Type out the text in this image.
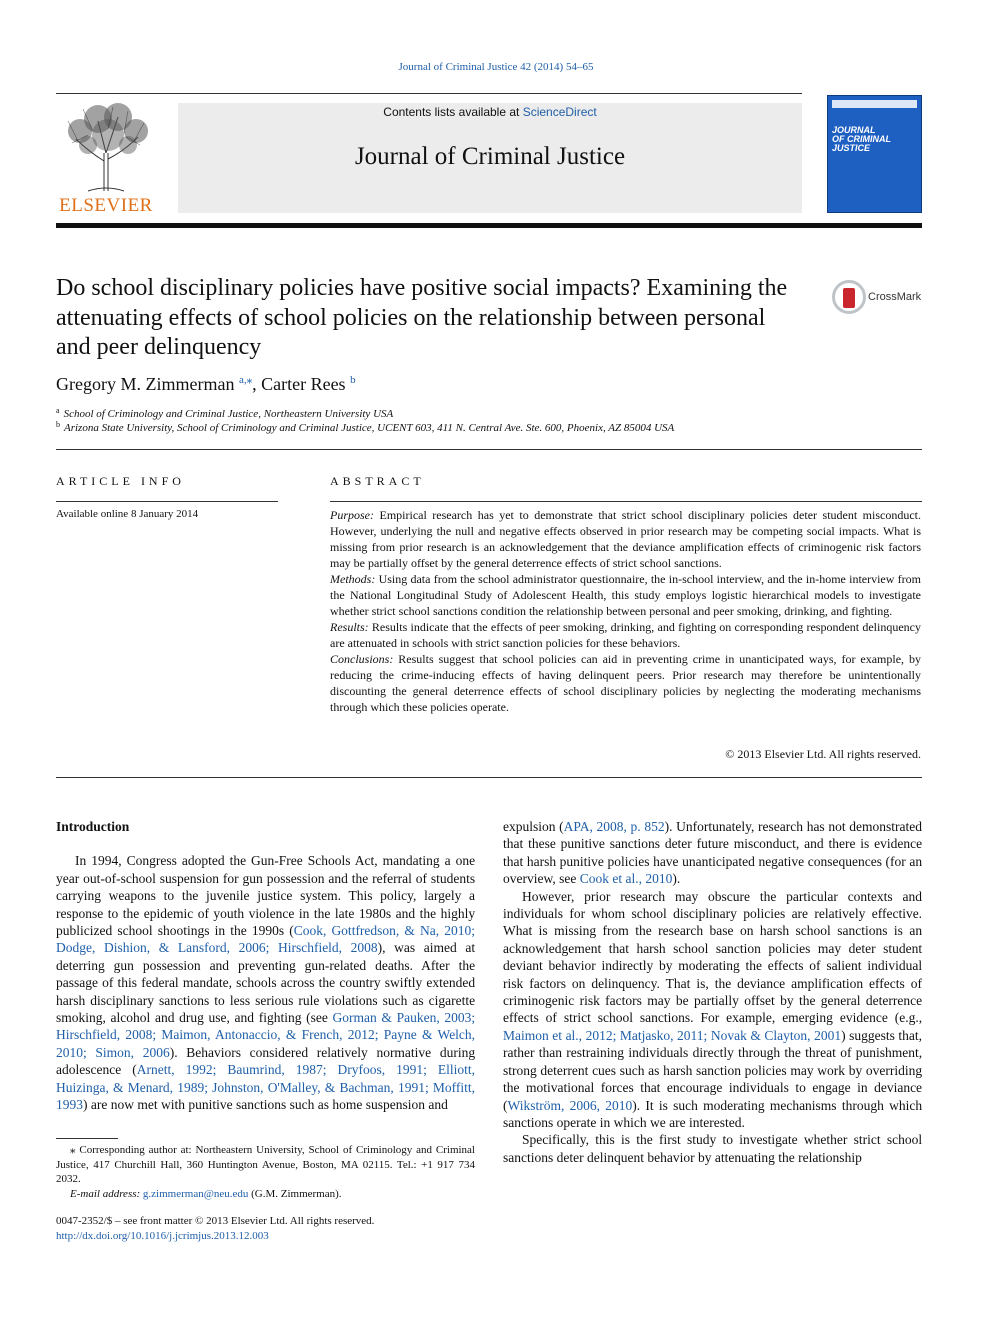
Journal of Criminal Justice 42 (2014) 54–65
ELSEVIER
Contents lists available at ScienceDirect
Journal of Criminal Justice
JOURNAL
OF CRIMINAL
JUSTICE
Do school disciplinary policies have positive social impacts? Examining the attenuating effects of school policies on the relationship between personal and peer delinquency
CrossMark
Gregory M. Zimmerman $^{a,⁎}$, Carter Rees $^b$
$^a$ School of Criminology and Criminal Justice, Northeastern University USA
$^b$ Arizona State University, School of Criminology and Criminal Justice, UCENT 603, 411 N. Central Ave. Ste. 600, Phoenix, AZ 85004 USA
ARTICLE INFO	ABSTRACT
Available online 8 January 2014	Purpose: Empirical research has yet to demonstrate that strict school disciplinary policies deter student misconduct. However, underlying the null and negative effects observed in prior research may be competing social impacts. What is missing from prior research is an acknowledgement that the deviance amplification effects of criminogenic risk factors may be partially offset by the general deterrence effects of strict school sanctions.

Methods: Using data from the school administrator questionnaire, the in-school interview, and the in-home interview from the National Longitudinal Study of Adolescent Health, this study employs logistic hierarchical models to investigate whether strict school sanctions condition the relationship between personal and peer smoking, drinking, and fighting.

Results: Results indicate that the effects of peer smoking, drinking, and fighting on corresponding respondent delinquency are attenuated in schools with strict sanction policies for these behaviors.

Conclusions: Results suggest that school policies can aid in preventing crime in unanticipated ways, for example, by reducing the crime-inducing effects of having delinquent peers. Prior research may therefore be unintentionally discounting the general deterrence effects of school disciplinary policies by neglecting the moderating mechanisms through which these policies operate.

© 2013 Elsevier Ltd. All rights reserved.

Introduction

In 1994, Congress adopted the Gun-Free Schools Act, mandating a one year out-of-school suspension for gun possession and the referral of students carrying weapons to the juvenile justice system. This policy, largely a response to the epidemic of youth violence in the late 1980s and the highly publicized school shootings in the 1990s (Cook, Gottfredson, & Na, 2010; Dodge, Dishion, & Lansford, 2006; Hirschfield, 2008), was aimed at deterring gun possession and preventing gun-related deaths. After the passage of this federal mandate, schools across the country swiftly extended harsh disciplinary sanctions to less serious rule violations such as cigarette smoking, alcohol and drug use, and fighting (see Gorman & Pauken, 2003; Hirschfield, 2008; Maimon, Antonaccio, & French, 2012; Payne & Welch, 2010; Simon, 2006). Behaviors considered relatively normative during adolescence (Arnett, 1992; Baumrind, 1987; Dryfoos, 1991; Elliott, Huizinga, & Menard, 1989; Johnston, O'Malley, & Bachman, 1991; Moffitt, 1993) are now met with punitive sanctions such as home suspension and

⁎ Corresponding author at: Northeastern University, School of Criminology and Criminal Justice, 417 Churchill Hall, 360 Huntington Avenue, Boston, MA 02115. Tel.: +1 917 734 2032.

E-mail address: g.zimmerman@neu.edu (G.M. Zimmerman).

0047-2352/$ – see front matter © 2013 Elsevier Ltd. All rights reserved.
http://dx.doi.org/10.1016/j.jcrimjus.2013.12.003

expulsion (APA, 2008, p. 852). Unfortunately, research has not demonstrated that these punitive sanctions deter future misconduct, and there is evidence that harsh punitive policies have unanticipated negative consequences (for an overview, see Cook et al., 2010).

However, prior research may obscure the particular contexts and individuals for whom school disciplinary policies are relatively effective. What is missing from the research base on harsh school sanctions is an acknowledgement that harsh school sanction policies may deter student deviant behavior indirectly by moderating the effects of salient individual risk factors on delinquency. That is, the deviance amplification effects of criminogenic risk factors may be partially offset by the general deterrence effects of strict school sanctions. For example, emerging evidence (e.g., Maimon et al., 2012; Matjasko, 2011; Novak & Clayton, 2001) suggests that, rather than restraining individuals directly through the threat of punishment, strong deterrent cues such as harsh sanction policies may work by overriding the motivational forces that encourage individuals to engage in deviance (Wikström, 2006, 2010). It is such moderating mechanisms through which sanctions operate in which we are interested.

Specifically, this is the first study to investigate whether strict school sanctions deter delinquent behavior by attenuating the relationship
